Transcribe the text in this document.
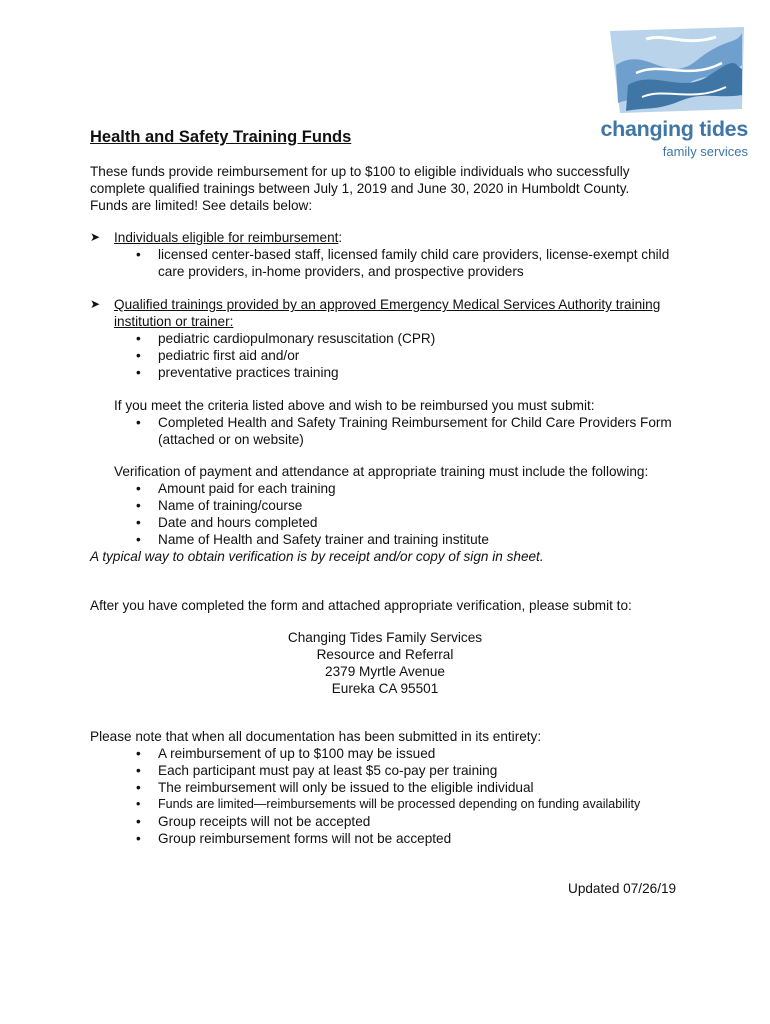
changing tides
family services
Health and Safety Training Funds

These funds provide reimbursement for up to $100 to eligible individuals who successfully complete qualified trainings between July 1, 2019 and June 30, 2020 in Humboldt County. Funds are limited! See details below:

➤	Individuals eligible for reimbursement:
• licensed center-based staff, licensed family child care providers, license-exempt child care providers, in-home providers, and prospective providers
➤	Qualified trainings provided by an approved Emergency Medical Services Authority training institution or trainer:
• pediatric cardiopulmonary resuscitation (CPR)
• pediatric first aid and/or
• preventative practices training
If you meet the criteria listed above and wish to be reimbursed you must submit:
• Completed Health and Safety Training Reimbursement for Child Care Providers Form (attached or on website)
Verification of payment and attendance at appropriate training must include the following:
• Amount paid for each training
• Name of training/course
• Date and hours completed
• Name of Health and Safety trainer and training institute
A typical way to obtain verification is by receipt and/or copy of sign in sheet.
After you have completed the form and attached appropriate verification, please submit to:
Changing Tides Family Services
Resource and Referral
2379 Myrtle Avenue
Eureka CA 95501
Please note that when all documentation has been submitted in its entirety:
• A reimbursement of up to $100 may be issued
• Each participant must pay at least $5 co-pay per training
• The reimbursement will only be issued to the eligible individual
• Funds are limited—reimbursements will be processed depending on funding availability
• Group receipts will not be accepted
• Group reimbursement forms will not be accepted
Updated 07/26/19
